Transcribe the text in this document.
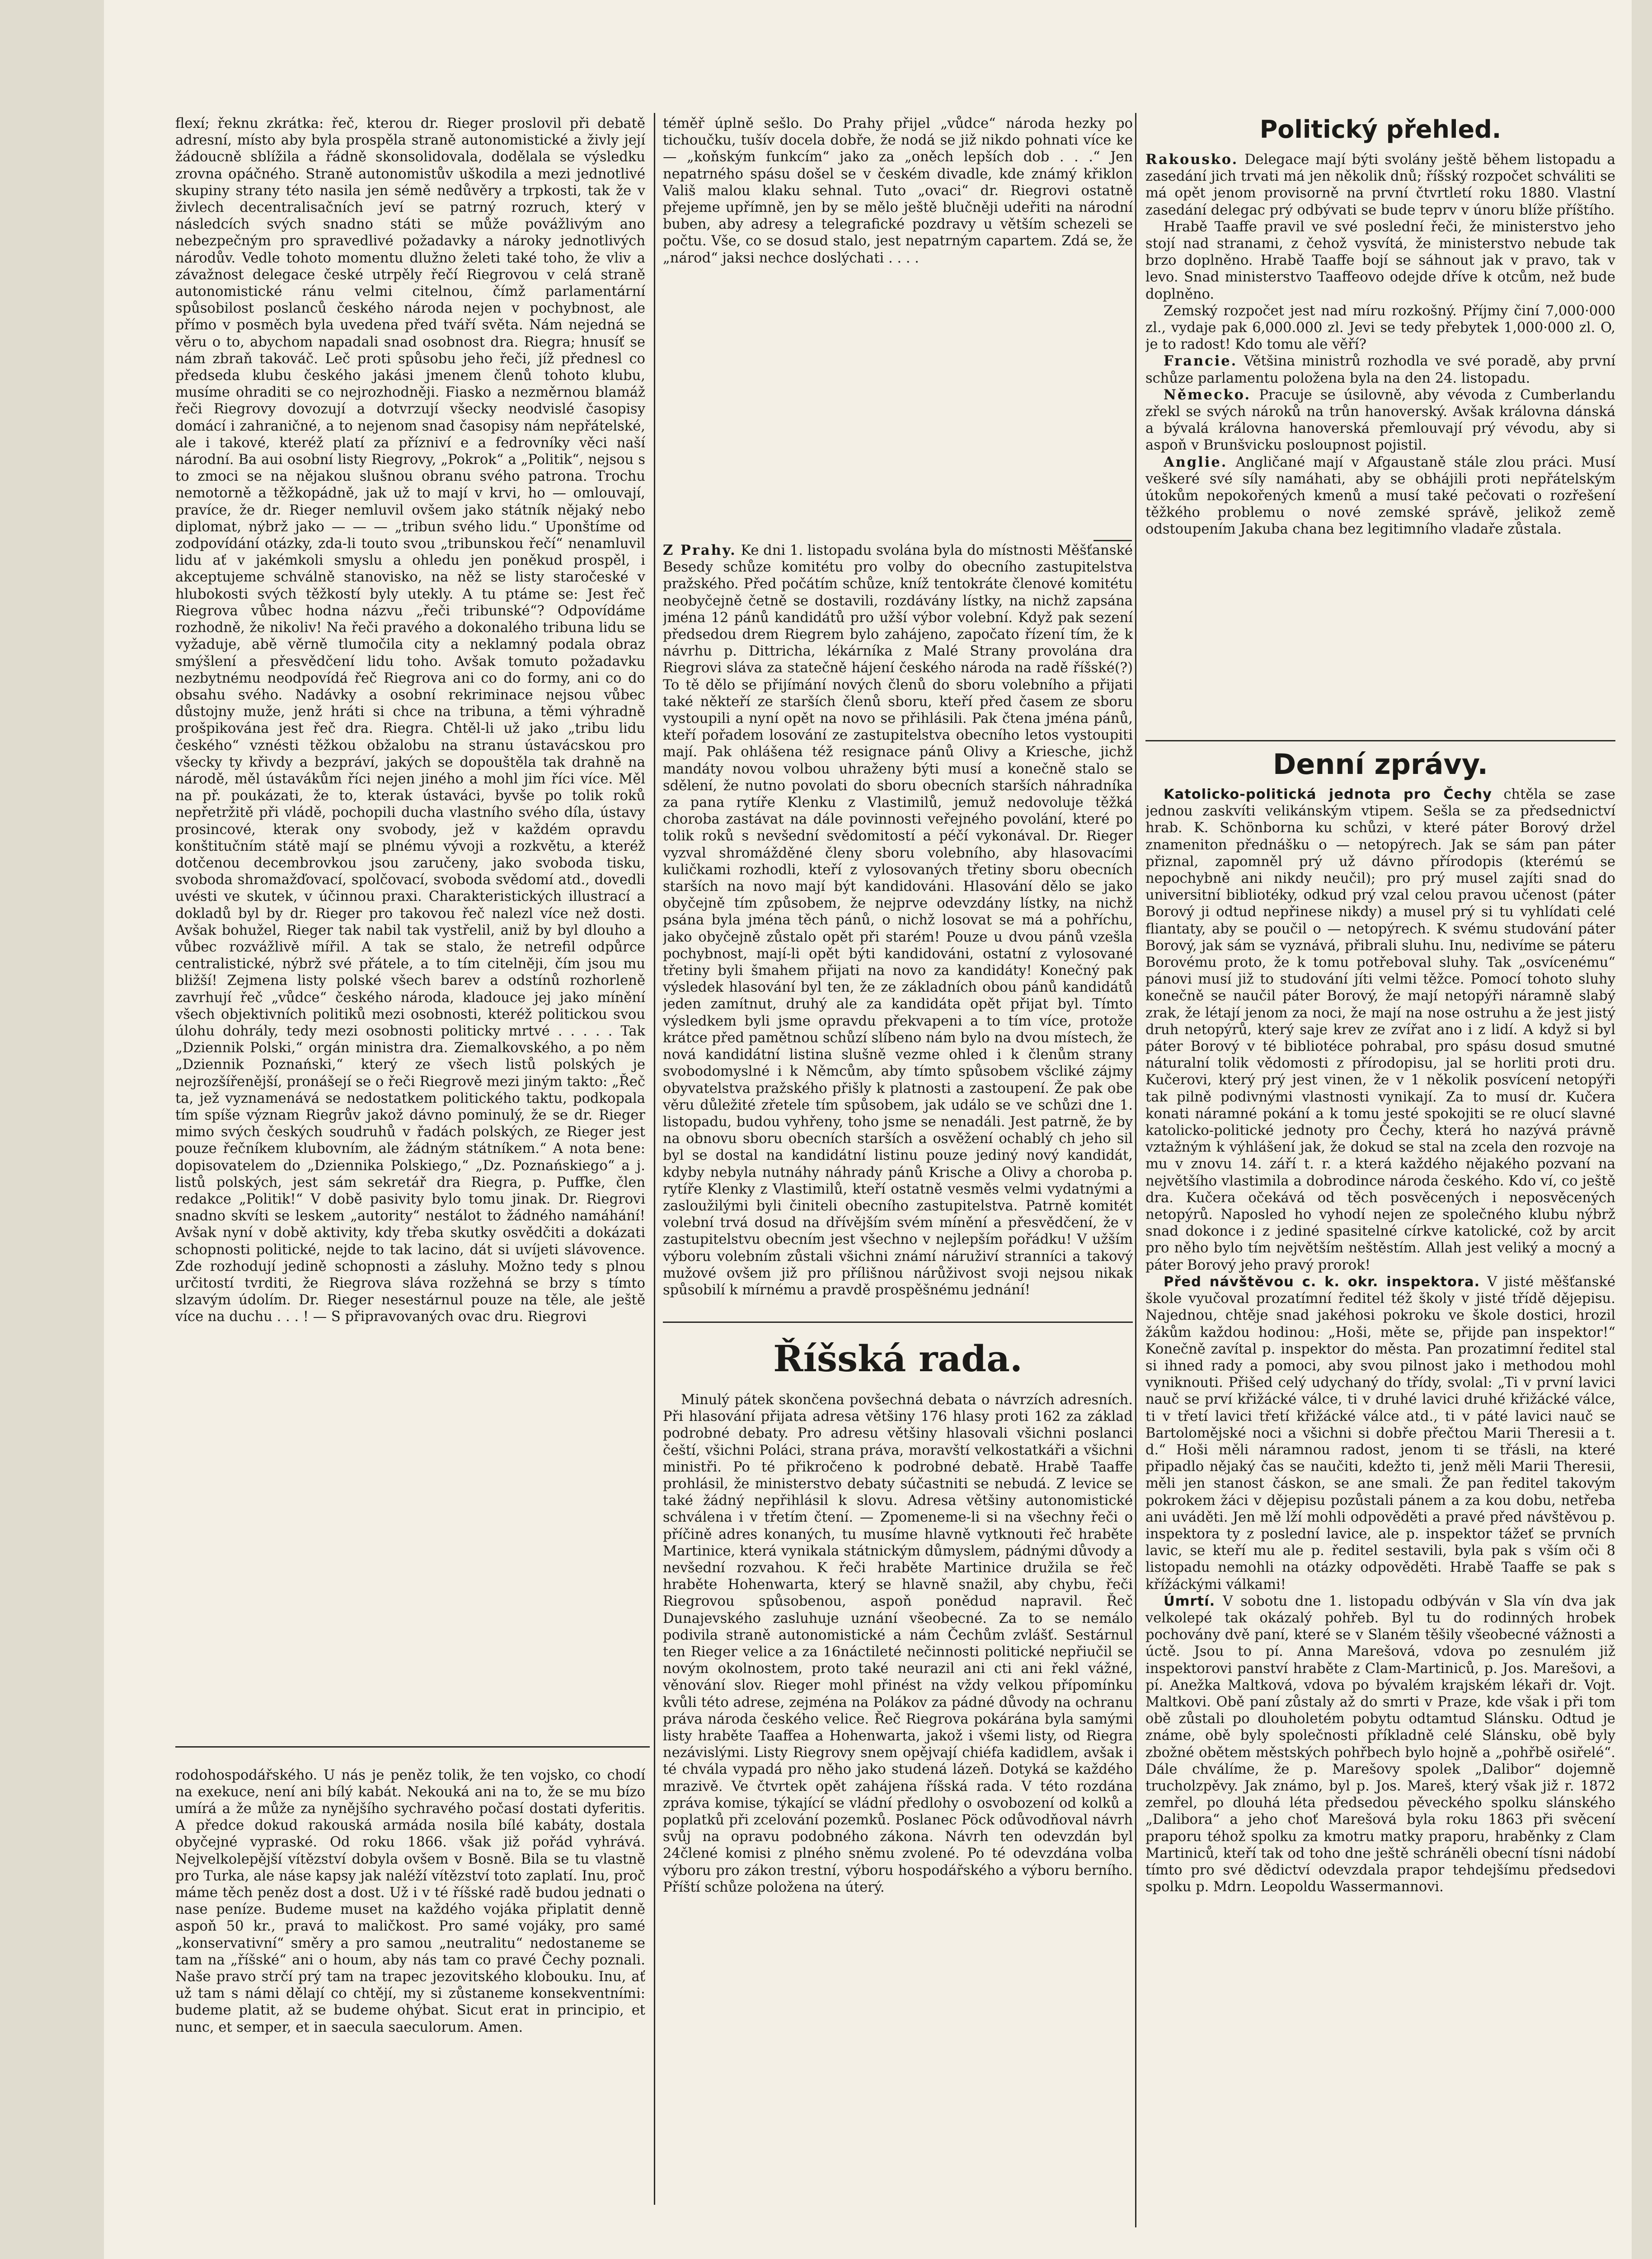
flexí; řeknu zkrátka: řeč, kterou dr. Rieger proslovil při debatě adresní, místo aby byla prospěla straně autonomistické a živly její žádoucně sblížila a řádně skonsolidovala, dodělala se výsledku zrovna opáčného. Straně autonomistův uškodila a mezi jednotlivé skupiny strany této nasila jen sémě nedůvěry a trpkosti, tak že v živlech decentralisačních jeví se patrný rozruch, který v následcích svých snadno státi se může povážlivým ano nebezpečným pro spravedlivé požadavky a nároky jednotlivých národův. Vedle tohoto momentu dlužno želeti také toho, že vliv a závažnost delegace české utrpěly řečí Riegrovou v celá straně autonomistické ránu velmi citelnou, čímž parlamentární spůsobilost poslanců českého národa nejen v pochybnost, ale přímo v posměch byla uvedena před tváří světa. Nám nejedná se věru o to, abychom napadali snad osobnost dra. Riegra; hnusíť se nám zbraň takováč. Leč proti spůsobu jeho řeči, jíž přednesl co předseda klubu českého jakási jmenem členů tohoto klubu, musíme ohraditi se co nejrozhodněji. Fiasko a nezměrnou blamáž řeči Riegrovy dovozují a dotvrzují všecky neodvislé časopisy domácí i zahraničné, a to nejenom snad časopisy nám nepřátelské, ale i takové, kteréž platí za přízniví e a fedrovníky věci naší národní. Ba aui osobní listy Riegrovy, „Pokrok“ a „Politik“, nejsou s to zmoci se na nějakou slušnou obranu svého patrona. Trochu nemotorně a těžkopádně, jak už to mají v krvi, ho — omlouvají, pravíce, že dr. Rieger nemluvil ovšem jako státník nějaký nebo diplomat, nýbrž jako — — — „tribun svého lidu.“ Uponštíme od zodpovídání otázky, zda-li touto svou „tribunskou řečí“ nenamluvil lidu ať v jakémkoli smyslu a ohledu jen poněkud prospěl, i akceptujeme schválně stanovisko, na něž se listy staročeské v hlubokosti svých těžkostí byly utekly. A tu ptáme se: Jest řeč Riegrova vůbec hodna názvu „řeči tribunské“? Odpovídáme rozhodně, že nikoliv! Na řeči pravého a dokonalého tribuna lidu se vyžaduje, abě věrně tlumočila city a neklamný podala obraz smýšlení a přesvědčení lidu toho. Avšak tomuto požadavku nezbytnému neodpovídá řeč Riegrova ani co do formy, ani co do obsahu svého. Nadávky a osobní rekriminace nejsou vůbec důstojny muže, jenž hráti si chce na tribuna, a těmi výhradně prošpikována jest řeč dra. Riegra. Chtěl-li už jako „tribu lidu českého“ vznésti těžkou obžalobu na stranu ústavácskou pro všecky ty křivdy a bezpráví, jakých se dopouštěla tak drahně na národě, měl ústavákům říci nejen jiného a mohl jim říci více. Měl na př. poukázati, že to, kterak ústaváci, byvše po tolik roků nepřetržitě při vládě, pochopili ducha vlastního svého díla, ústavy prosincové, kterak ony svobody, jež v každém opravdu konštitučním státě mají se plnému vývoji a rozkvětu, a kteréž dotčenou decembrovkou jsou zaručeny, jako svoboda tisku, svoboda shromažďovací, spolčovací, svoboda svědomí atd., dovedli uvésti ve skutek, v účinnou praxi. Charakteristických illustrací a dokladů byl by dr. Rieger pro takovou řeč nalezl více než dosti. Avšak bohužel, Rieger tak nabil tak vystřelil, aniž by byl dlouho a vůbec rozvážlivě mířil. A tak se stalo, že netrefil odpůrce centralistické, nýbrž své přátele, a to tím citelněji, čím jsou mu bližší! Zejmena listy polské všech barev a odstínů rozhorleně zavrhují řeč „vůdce“ českého národa, kladouce jej jako mínění všech objektivních politiků mezi osobnosti, kteréž politickou svou úlohu dohrály, tedy mezi osobnosti politicky mrtvé . . . . . Tak „Dziennik Polski,“ orgán ministra dra. Ziemalkovského, a po něm „Dziennik Poznański,“ který ze všech listů polských je nejrozšířenější, pronášejí se o řeči Riegrově mezi jiným takto: „Řeč ta, jež vyznamenává se nedostatkem politického taktu, podkopala tím spíše význam Riegrův jakož dávno pominulý, že se dr. Rieger mimo svých českých soudruhů v řadách polských, ze Rieger jest pouze řečníkem klubovním, ale žádným státníkem.“ A nota bene: dopisovatelem do „Dziennika Polskiego,“ „Dz. Poznańskiego“ a j. listů polských, jest sám sekretář dra Riegra, p. Puffke, člen redakce „Politik!“ V době pasivity bylo tomu jinak. Dr. Riegrovi snadno skvíti se leskem „autority“ nestálot to žádného namáhání! Avšak nyní v době aktivity, kdy třeba skutky osvědčiti a dokázati schopnosti politické, nejde to tak lacino, dát si uvíjeti slávovence. Zde rozhodují jedině schopnosti a zásluhy. Možno tedy s plnou určitostí tvrditi, že Riegrova sláva rozžehná se brzy s tímto slzavým údolím. Dr. Rieger nesestárnul pouze na těle, ale ještě více na duchu . . . ! — S připravovaných ovac dru. Riegrovi

rodohospodářského. U nás je peněz tolik, že ten vojsko, co chodí na exekuce, není ani bílý kabát. Nekouká ani na to, že se mu bízo umírá a že může za nynějšího sychravého počasí dostati dyferitis. A předce dokud rakouská armáda nosila bílé kabáty, dostala obyčejné vypraské. Od roku 1866. však již pořád vyhrává. Nejvelkolepější vítězství dobyla ovšem v Bosně. Bila se tu vlastně pro Turka, ale náse kapsy jak naléží vítězství toto zaplatí. Inu, proč máme těch peněz dost a dost. Už i v té říšské radě budou jednati o nase peníze. Budeme muset na každého vojáka připlatit denně aspoň 50 kr., pravá to maličkost. Pro samé vojáky, pro samé „konservativní“ směry a pro samou „neutralitu“ nedostaneme se tam na „říšské“ ani o houm, aby nás tam co pravé Čechy poznali. Naše pravo strčí prý tam na trapec jezovitského klobouku. Inu, ať už tam s námi dělají co chtějí, my si zůstaneme konsekventními: budeme platit, až se budeme ohýbat. Sicut erat in principio, et nunc, et semper, et in saecula saeculorum. Amen.

téměř úplně sešlo. Do Prahy přijel „vůdce“ národa hezky po tichoučku, tušív docela dobře, že nodá se již nikdo pohnati více ke — „koňským funkcím“ jako za „oněch lepších dob . . .“ Jen nepatrného spásu došel se v českém divadle, kde známý křiklon Vališ malou klaku sehnal. Tuto „ovaci“ dr. Riegrovi ostatně přejeme upřímně, jen by se mělo ještě blučněji udeřiti na národní buben, aby adresy a telegrafické pozdravy u větším schezeli se počtu. Vše, co se dosud stalo, jest nepatrným capartem. Zdá se, že „národ“ jaksi nechce doslýchati . . . .

Z Prahy. Ke dni 1. listopadu svolána byla do místnosti Měšťanské Besedy schůze komitétu pro volby do obecního zastupitelstva pražského. Před počátím schůze, kníž tentokráte členové komitétu neobyčejně četně se dostavili, rozdávány lístky, na nichž zapsána jména 12 pánů kandidátů pro užší výbor volební. Když pak sezení předsedou drem Riegrem bylo zahájeno, započato řízení tím, že k návrhu p. Dittricha, lékárníka z Malé Strany provolána dra Riegrovi sláva za statečně hájení českého národa na radě říšské(?) To tě dělo se přijímání nových členů do sboru volebního a přijati také někteří ze starších členů sboru, kteří před časem ze sboru vystoupili a nyní opět na novo se přihlásili. Pak čtena jména pánů, kteří pořadem losování ze zastupitelstva obecního letos vystoupiti mají. Pak ohlášena též resignace pánů Olivy a Kriesche, jichž mandáty novou volbou uhraženy býti musí a konečně stalo se sdělení, že nutno povolati do sboru obecních starších náhradníka za pana rytíře Klenku z Vlastimilů, jemuž nedovoluje těžká choroba zastávat na dále povinnosti veřejného povolání, které po tolik roků s nevšední svědomitostí a péčí vykonával. Dr. Rieger vyzval shromážděné členy sboru volebního, aby hlasovacími kuličkami rozhodli, kteří z vylosovaných třetiny sboru obecních starších na novo mají být kandidováni. Hlasování dělo se jako obyčejně tím způsobem, že nejprve odevzdány lístky, na nichž psána byla jména těch pánů, o nichž losovat se má a pohříchu, jako obyčejně zůstalo opět při starém! Pouze u dvou pánů vzešla pochybnost, mají-li opět býti kandidováni, ostatní z vylosované třetiny byli šmahem přijati na novo za kandidáty! Konečný pak výsledek hlasování byl ten, že ze základních obou pánů kandidátů jeden zamítnut, druhý ale za kandidáta opět přijat byl. Tímto výsledkem byli jsme opravdu překvapeni a to tím více, protože krátce před pamětnou schůzí slíbeno nám bylo na dvou místech, že nová kandidátní listina slušně vezme ohled i k členům strany svobodomyslné i k Němcům, aby tímto spůsobem všcliké zájmy obyvatelstva pražského přišly k platnosti a zastoupení. Že pak obe věru důležité zřetele tím spůsobem, jak událo se ve schůzi dne 1. listopadu, budou vyhřeny, toho jsme se nenadáli. Jest patrně, že by na obnovu sboru obecních starších a osvěžení ochablý ch jeho sil byl se dostal na kandidátní listinu pouze jediný nový kandidát, kdyby nebyla nutnáhy náhrady pánů Krische a Olivy a choroba p. rytíře Klenky z Vlastimilů, kteří ostatně vesměs velmi vydatnými a zasloužilými byli činiteli obecního zastupitelstva. Patrně komitét volební trvá dosud na dřívějším svém mínění a přesvědčení, že v zastupitelstvu obecním jest všechno v nejlepším pořádku! V užším výboru volebním zůstali všichni známí náruživí stranníci a takový mužové ovšem již pro přílišnou nárůživost svoji nejsou nikak spůsobilí k mírnému a pravdě prospěšnému jednání!

Říšská rada.

Minulý pátek skončena povšechná debata o návrzích adresních. Při hlasování přijata adresa většiny 176 hlasy proti 162 za základ podrobné debaty. Pro adresu většiny hlasovali všichni poslanci čeští, všichni Poláci, strana práva, moravští velkostatkáři a všichni ministři. Po té přikročeno k podrobné debatě. Hrabě Taaffe prohlásil, že ministerstvo debaty súčastniti se nebudá. Z levice se také žádný nepřihlásil k slovu. Adresa většiny autonomistické schválena i v třetím čtení. — Zpomeneme-li si na všechny řeči o příčině adres konaných, tu musíme hlavně vytknouti řeč hraběte Martinice, která vynikala státnickým důmyslem, pádnými důvody a nevšední rozvahou. K řeči hraběte Martinice družila se řeč hraběte Hohenwarta, který se hlavně snažil, aby chybu, řeči Riegrovou spůsobenou, aspoň ponědud napravil. Řeč Dunajevského zasluhuje uznání všeobecné. Za to se nemálo podivila straně autonomistické a nám Čechům zvlášť. Sestárnul ten Rieger velice a za 16náctileté nečinnosti politické nepřiučil se novým okolnostem, proto také neurazil ani cti ani řekl vážné, věnování slov. Rieger mohl přinést na vždy velkou přípomínku kvůli této adrese, zejména na Polákov za pádné důvody na ochranu práva národa českého velice. Řeč Riegrova pokárána byla samými listy hraběte Taaffea a Hohenwarta, jakož i všemi listy, od Riegra nezávislými. Listy Riegrovy snem opějvají chiéfa kadidlem, avšak i té chvála vypadá pro něho jako studená lázeň. Dotyká se každého mrazivě. Ve čtvrtek opět zahájena říšská rada. V této rozdána zpráva komise, týkající se vládní předlohy o osvobození od kolků a poplatků při zcelování pozemků. Poslanec Pöck odůvodňoval návrh svůj na opravu podobného zákona. Návrh ten odevzdán byl 24člené komisi z plného sněmu zvolené. Po té odevzdána volba výboru pro zákon trestní, výboru hospodářského a výboru berního. Příští schůze položena na úterý.

Politický přehled.

Rakousko. Delegace mají býti svolány ještě během listopadu a zasedání jich trvati má jen několik dnů; říšský rozpočet schváliti se má opět jenom provisorně na první čtvrtletí roku 1880. Vlastní zasedání delegac prý odbývati se bude teprv v únoru blíže příštího.

Hrabě Taaffe pravil ve své poslední řeči, že ministerstvo jeho stojí nad stranami, z čehož vysvítá, že ministerstvo nebude tak brzo doplněno. Hrabě Taaffe bojí se sáhnout jak v pravo, tak v levo. Snad ministerstvo Taaffeovo odejde dříve k otcům, než bude doplněno.

Zemský rozpočet jest nad míru rozkošný. Příjmy činí 7,000·000 zl., vydaje pak 6,000.000 zl. Jevi se tedy přebytek 1,000·000 zl. O, je to radost! Kdo tomu ale věří?

Francie. Většina ministrů rozhodla ve své poradě, aby první schůze parlamentu položena byla na den 24. listopadu.

Německo. Pracuje se úsilovně, aby vévoda z Cumberlandu zřekl se svých nároků na trůn hanoverský. Avšak královna dánská a bývalá královna hanoverská přemlouvají prý vévodu, aby si aspoň v Brunšvicku posloupnost pojistil.

Anglie. Angličané mají v Afgaustaně stále zlou práci. Musí veškeré své síly namáhati, aby se obhájili proti nepřátelským útokům nepokořených kmenů a musí také pečovati o rozřešení těžkého problemu o nové zemské správě, jelikož země odstoupením Jakuba chana bez legitimního vladaře zůstala.

Denní zprávy.

Katolicko-politická jednota pro Čechy chtěla se zase jednou zaskvíti velikánským vtipem. Sešla se za předsednictví hrab. K. Schönborna ku schůzi, v které páter Borový držel znameniton přednášku o — netopýrech. Jak se sám pan páter přiznal, zapomněl prý už dávno přírodopis (kterémú se nepochybně ani nikdy neučil); pro prý musel zajíti snad do universitní bibliotéky, odkud prý vzal celou pravou učenost (páter Borový ji odtud nepřinese nikdy) a musel prý si tu vyhlídati celé fliantaty, aby se poučil o — netopýrech. K svému studování páter Borový, jak sám se vyznává, přibrali sluhu. Inu, nedivíme se páteru Borovému proto, že k tomu potřeboval sluhy. Tak „osvícenému“ pánovi musí již to studování jíti velmi těžce. Pomocí tohoto sluhy konečně se naučil páter Borový, že mají netopýři náramně slabý zrak, že létají jenom za noci, že mají na nose ostruhu a že jest jistý druh netopýrů, který saje krev ze zvířat ano i z lidí. A když si byl páter Borový v té bibliotéce pohrabal, pro spásu dosud smutné náturalní tolik vědomosti z přírodopisu, jal se horliti proti dru. Kučerovi, který prý jest vinen, že v 1 několik posvícení netopýři tak pilně podivnými vlastnosti vynikají. Za to musí dr. Kučera konati náramné pokání a k tomu jesté spokojiti se re olucí slavné katolicko-politické jednoty pro Čechy, která ho nazývá právně vztažným k výhlášení jak, že dokud se stal na zcela den rozvoje na mu v znovu 14. září t. r. a která každého nějakého pozvaní na největšího vlastimila a dobrodince národa českého. Kdo ví, co ještě dra. Kučera očekává od těch posvěcených i neposvěcených netopýrů. Naposled ho vyhodí nejen ze společného klubu nýbrž snad dokonce i z jediné spasitelné církve katolické, což by arcit pro něho bylo tím největším neštěstím. Allah jest veliký a mocný a páter Borový jeho pravý prorok!

Před návštěvou c. k. okr. inspektora. V jisté měšťanské škole vyučoval prozatímní ředitel též školy v jisté třídě dějepisu. Najednou, chtěje snad jakéhosi pokroku ve škole dostici, hrozil žákům každou hodinou: „Hoši, měte se, přijde pan inspektor!“ Konečně zavítal p. inspektor do města. Pan prozatimní ředitel stal si ihned rady a pomoci, aby svou pilnost jako i methodou mohl vyniknouti. Přišed celý udychaný do třídy, svolal: „Ti v první lavici nauč se prví křižácké válce, ti v druhé lavici druhé křižácké válce, ti v třetí lavici třetí křižácké válce atd., ti v páté lavici nauč se Bartolomějské noci a všichni si dobře přečtou Marii Theresii a t. d.“ Hoši měli náramnou radost, jenom ti se třásli, na které připadlo nějaký čas se naučiti, kdežto ti, jenž měli Marii Theresii, měli jen stanost čáskon, se ane smali. Že pan ředitel takovým pokrokem žáci v dějepisu pozůstali pánem a za kou dobu, netřeba ani uváděti. Jen mě lží mohli odpověděti a pravé před návštěvou p. inspektora ty z poslední lavice, ale p. inspektor tážeť se prvních lavic, se kteří mu ale p. ředitel sestavili, byla pak s vším oči 8 listopadu nemohli na otázky odpověděti. Hrabě Taaffe se pak s křížáckými válkami!

Úmrtí. V sobotu dne 1. listopadu odbýván v Sla vín dva jak velkolepé tak okázalý pohřeb. Byl tu do rodinných hrobek pochovány dvě paní, které se v Slaném těšily všeobecné vážnosti a úctě. Jsou to pí. Anna Marešová, vdova po zesnulém již inspektorovi panství hraběte z Clam-Martiniců, p. Jos. Marešovi, a pí. Anežka Maltková, vdova po bývalém krajském lékaři dr. Vojt. Maltkovi. Obě paní zůstaly až do smrti v Praze, kde však i při tom obě zůstali po dlouholetém pobytu odtamtud Slánsku. Odtud je známe, obě byly společnosti příkladně celé Slánsku, obě byly zbožné obětem městských pohřbech bylo hojně a „pohřbě osiřelé“. Dále chválíme, že p. Marešovy spolek „Dalibor“ dojemně trucholzpěvy. Jak známo, byl p. Jos. Mareš, který však již r. 1872 zemřel, po dlouhá léta předsedou pěveckého spolku slánského „Dalibora“ a jeho choť Marešová byla roku 1863 při svěcení praporu téhož spolku za kmotru matky praporu, hraběnky z Clam Martiniců, kteří tak od toho dne ještě schráněli obecní tísni nádobí tímto pro své dědictví odevzdala prapor tehdejšímu předsedovi spolku p. Mdrn. Leopoldu Wassermannovi.
